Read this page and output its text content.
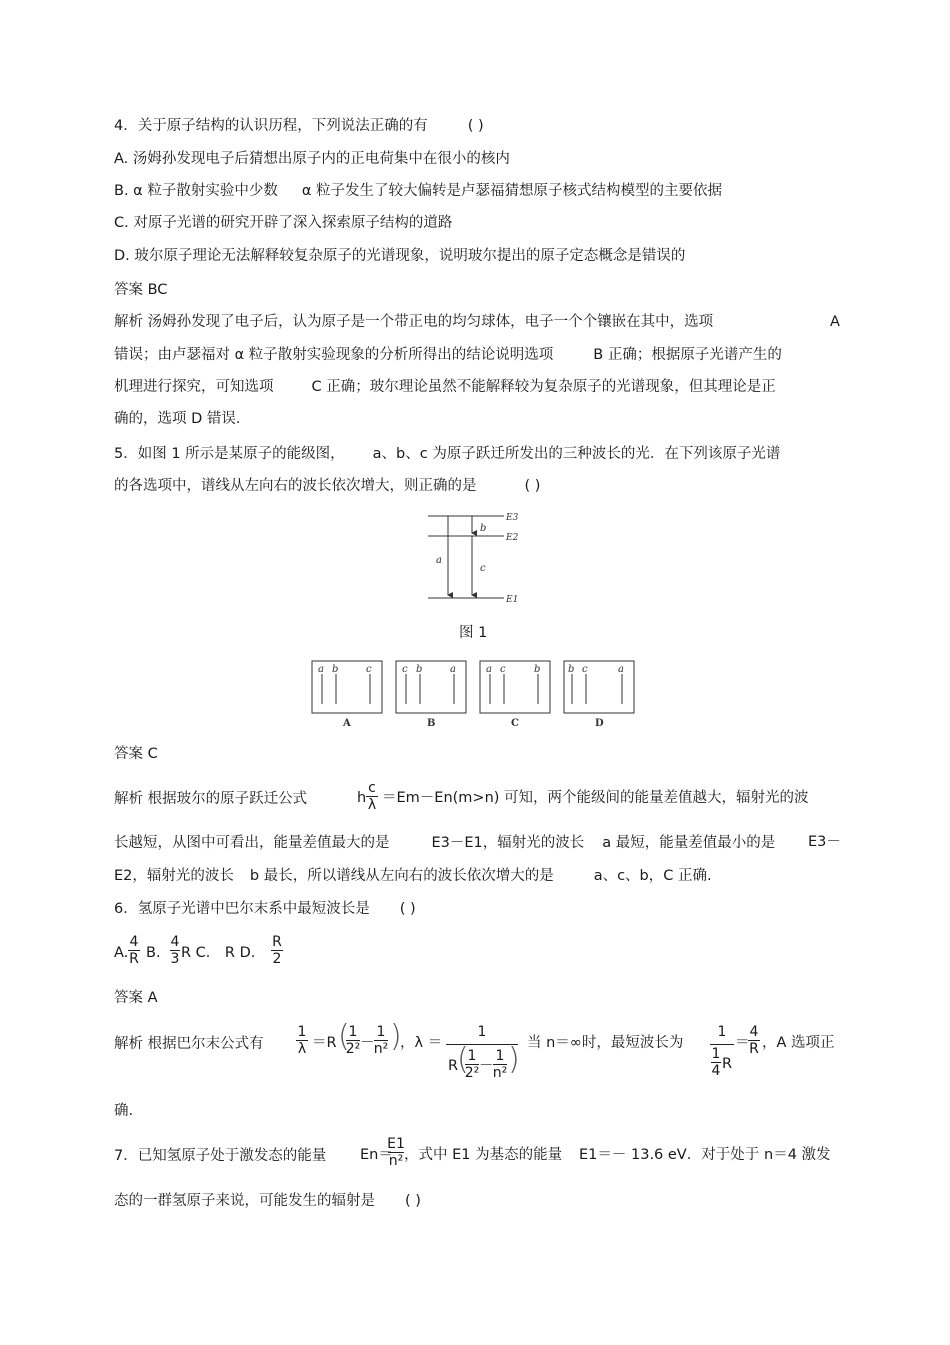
4．关于原子结构的认识历程，下列说法正确的有	( )
A. 汤姆孙发现电子后猜想出原子内的正电荷集中在很小的核内
B. α 粒子散射实验中少数 α 粒子发生了较大偏转是卢瑟福猜想原子核式结构模型的主要依据
C. 对原子光谱的研究开辟了深入探索原子结构的道路
D. 玻尔原子理论无法解释较复杂原子的光谱现象，说明玻尔提出的原子定态概念是错误的
答案 BC
解析 汤姆孙发现了电子后，认为原子是一个带正电的均匀球体，电子一个个镶嵌在其中，选项	A
错误；由卢瑟福对 α 粒子散射实验现象的分析所得出的结论说明选项	B 正确；根据原子光谱产生的
机理进行探究，可知选项	C 正确；玻尔理论虽然不能解释较为复杂原子的光谱现象，但其理论是正
确的，选项 D 错误.
5．如图 1 所示是某原子的能级图， a、b、c 为原子跃迁所发出的三种波长的光．在下列该原子光谱
的各选项中，谱线从左向右的波长依次增大，则正确的是	( )
a
b
c
E3
E2
E1
图 1
a b	c
A
c b	a
B
a c	b
C
b c	a
D
答案 C
解析 根据玻尔的原子跃迁公式	h
c
λ ＝Em－En(m>n) 可知，两个能级间的能量差值越大，辐射光的波
长越短，从图中可看出，能量差值最大的是	E3－E1，辐射光的波长 a 最短，能量差值最小的是 E3－
E2，辐射光的波长 b 最长，所以谱线从左向右的波长依次增大的是	a、c、b，C 正确.
6．氢原子光谱中巴尔末系中最短波长是 ( )
A.
4
R B.
4
3 R C． R D.
R
2
答案 A
解析 根据巴尔末公式有
1
λ ＝R (
1
2² －
1
n² )
，λ ＝
1
R
(
1
2² －
1
n² ) 当 n＝∞时，最短波长为
1
1
4 R
＝
4
R ，A 选项正
确.
7．已知氢原子处于激发态的能量 En＝
E1
n² ，式中 E1 为基态的能量 E1＝－ 13.6 eV．对于处于 n＝4 激发
态的一群氢原子来说，可能发生的辐射是 ( )
